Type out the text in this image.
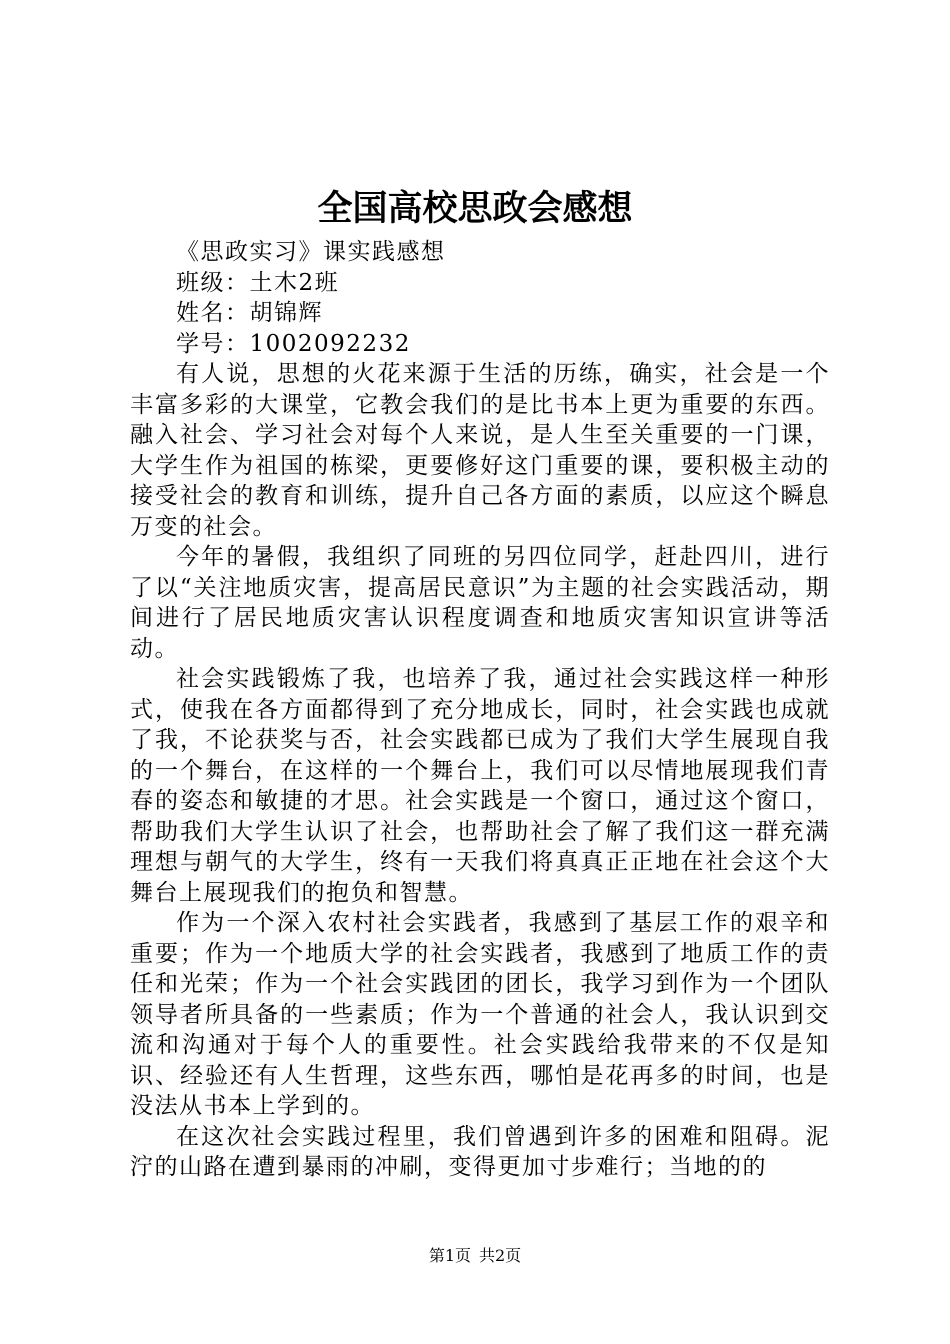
全国高校思政会感想

《思政实习》课实践感想

班级：土木2班

姓名：胡锦辉

学号：1002092232

有人说，思想的火花来源于生活的历练，确实，社会是一个丰富多彩的大课堂，它教会我们的是比书本上更为重要的东西。融入社会、学习社会对每个人来说，是人生至关重要的一门课，大学生作为祖国的栋梁，更要修好这门重要的课，要积极主动的接受社会的教育和训练，提升自己各方面的素质，以应这个瞬息万变的社会。

今年的暑假，我组织了同班的另四位同学，赶赴四川，进行了以“关注地质灾害，提高居民意识”为主题的社会实践活动，期间进行了居民地质灾害认识程度调查和地质灾害知识宣讲等活动。

社会实践锻炼了我，也培养了我，通过社会实践这样一种形式，使我在各方面都得到了充分地成长，同时，社会实践也成就了我，不论获奖与否，社会实践都已成为了我们大学生展现自我的一个舞台，在这样的一个舞台上，我们可以尽情地展现我们青春的姿态和敏捷的才思。社会实践是一个窗口，通过这个窗口，帮助我们大学生认识了社会，也帮助社会了解了我们这一群充满理想与朝气的大学生，终有一天我们将真真正正地在社会这个大舞台上展现我们的抱负和智慧。

作为一个深入农村社会实践者，我感到了基层工作的艰辛和重要；作为一个地质大学的社会实践者，我感到了地质工作的责任和光荣；作为一个社会实践团的团长，我学习到作为一个团队领导者所具备的一些素质；作为一个普通的社会人，我认识到交流和沟通对于每个人的重要性。社会实践给我带来的不仅是知识、经验还有人生哲理，这些东西，哪怕是花再多的时间，也是没法从书本上学到的。

在这次社会实践过程里，我们曾遇到许多的困难和阻碍。泥泞的山路在遭到暴雨的冲刷，变得更加寸步难行；当地的的

第1页 共2页
